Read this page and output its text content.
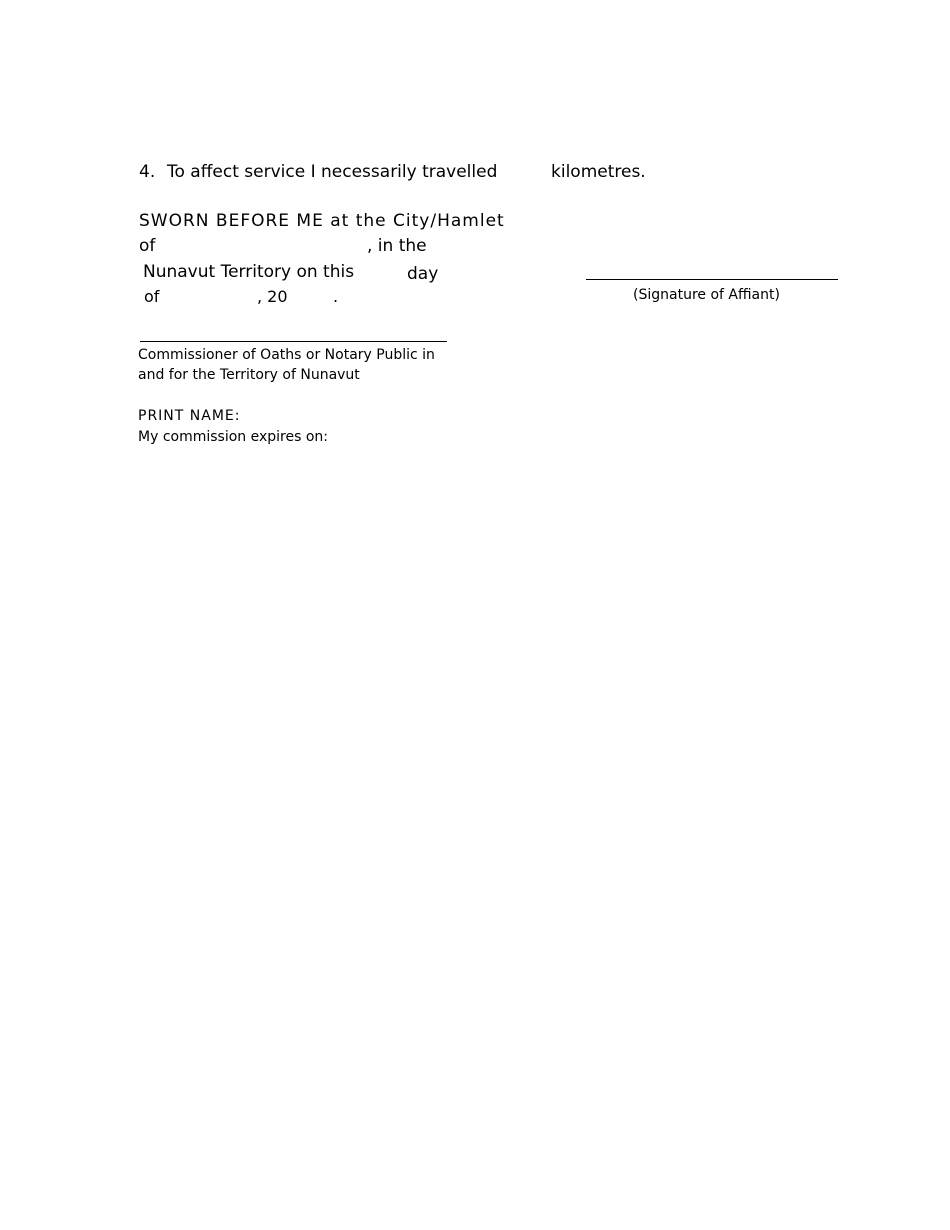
4. To affect service I necessarily travelled	kilometres.
SWORN BEFORE ME at the City/Hamlet
of	, in the
Nunavut Territory on this	day
of	, 20	.	(Signature of Affiant)
Commissioner of Oaths or Notary Public in
and for the Territory of Nunavut
PRINT NAME:
My commission expires on:
